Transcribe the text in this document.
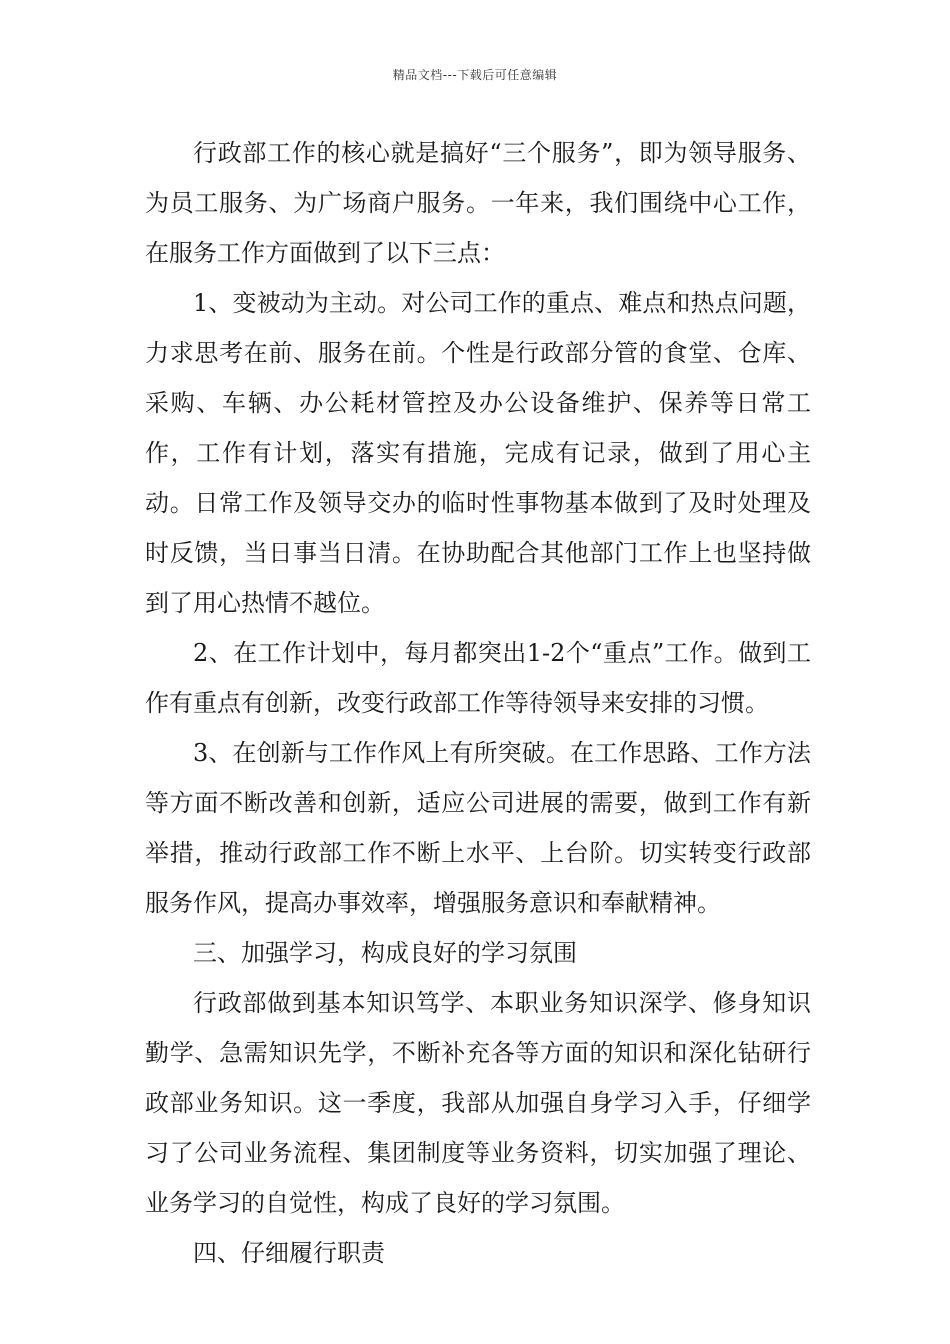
精品文档---下载后可任意编辑

行政部工作的核心就是搞好“三个服务”，即为领导服务、为员工服务、为广场商户服务。一年来，我们围绕中心工作，在服务工作方面做到了以下三点：

1、变被动为主动。对公司工作的重点、难点和热点问题，力求思考在前、服务在前。个性是行政部分管的食堂、仓库、采购、车辆、办公耗材管控及办公设备维护、保养等日常工作，工作有计划，落实有措施，完成有记录，做到了用心主动。日常工作及领导交办的临时性事物基本做到了及时处理及时反馈，当日事当日清。在协助配合其他部门工作上也坚持做到了用心热情不越位。

2、在工作计划中，每月都突出1-2个“重点”工作。做到工作有重点有创新，改变行政部工作等待领导来安排的习惯。

3、在创新与工作作风上有所突破。在工作思路、工作方法等方面不断改善和创新，适应公司进展的需要，做到工作有新举措，推动行政部工作不断上水平、上台阶。切实转变行政部服务作风，提高办事效率，增强服务意识和奉献精神。

三、加强学习，构成良好的学习氛围

行政部做到基本知识笃学、本职业务知识深学、修身知识勤学、急需知识先学，不断补充各等方面的知识和深化钻研行政部业务知识。这一季度，我部从加强自身学习入手，仔细学习了公司业务流程、集团制度等业务资料，切实加强了理论、业务学习的自觉性，构成了良好的学习氛围。

四、仔细履行职责
